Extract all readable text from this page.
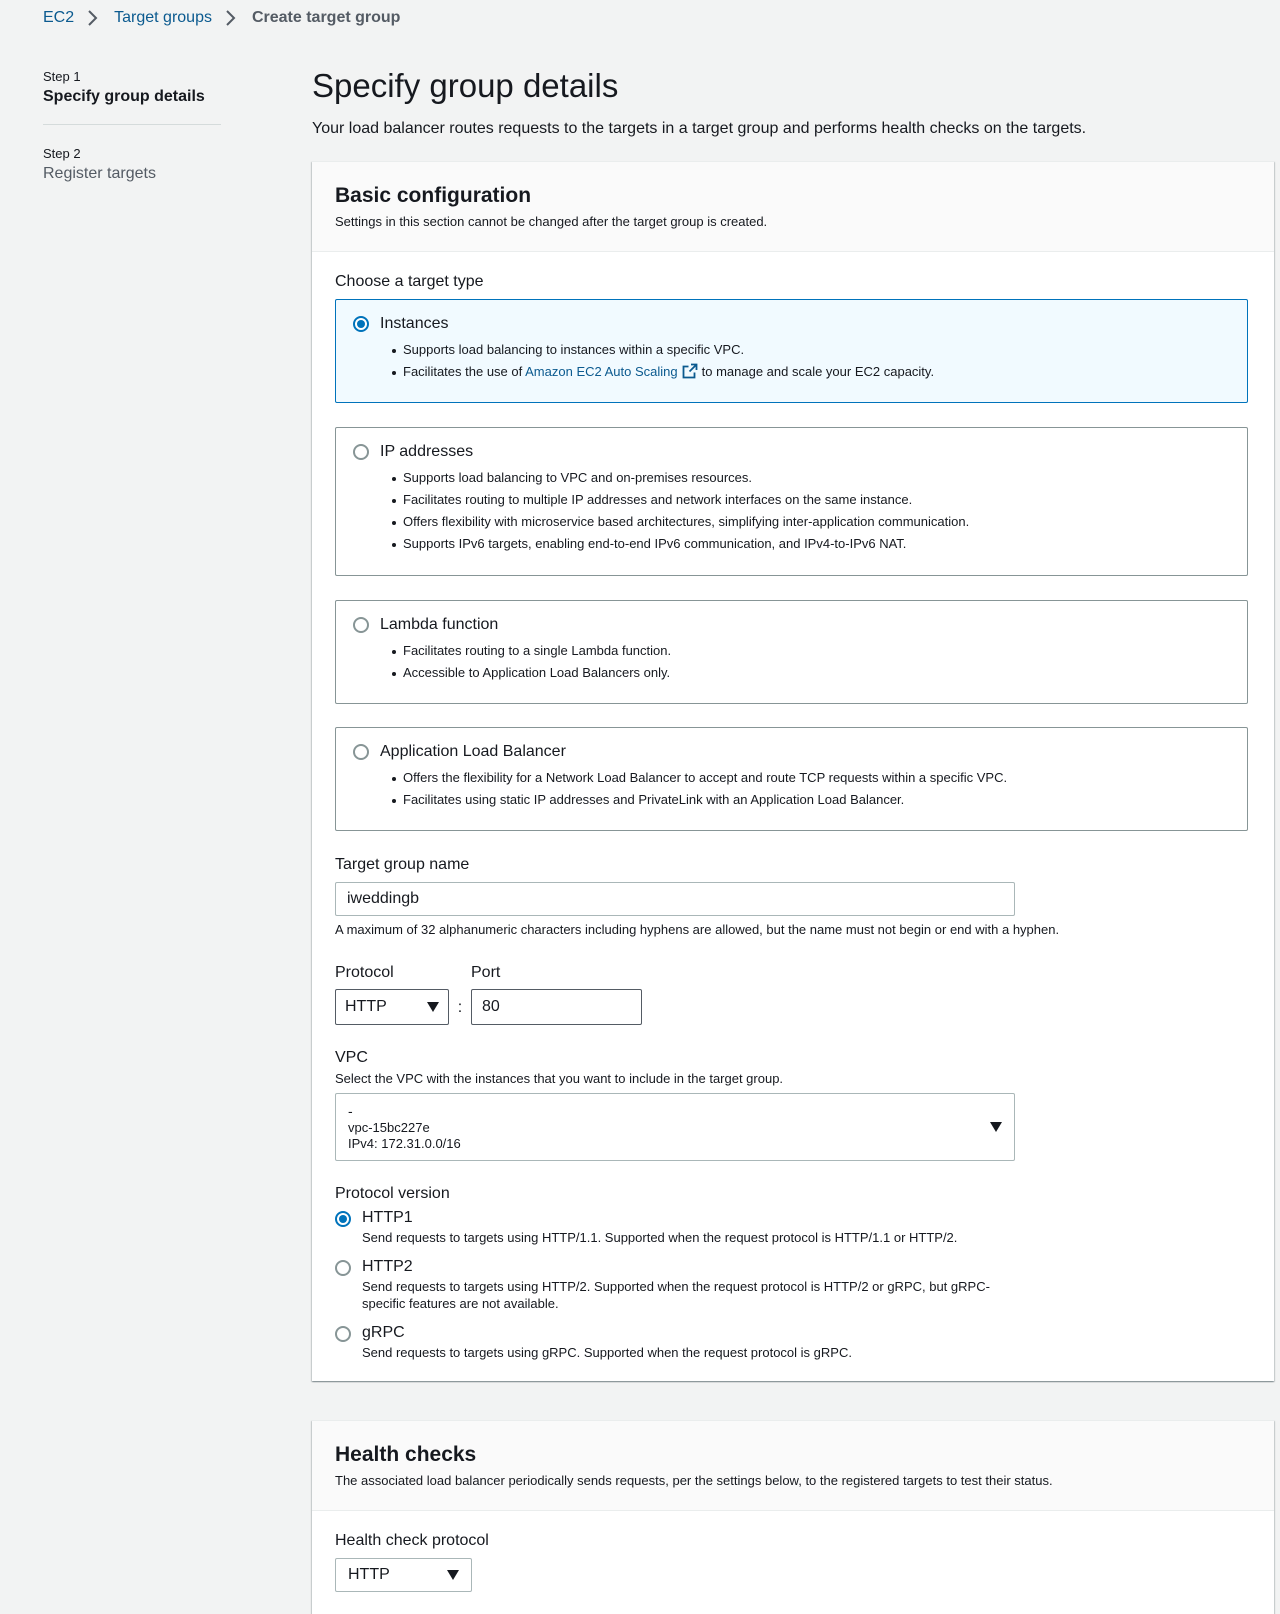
EC2	Target groups	Create target group
Step 1
Specify group details
Step 2
Register targets
Specify group details

Your load balancer routes requests to the targets in a target group and performs health checks on the targets.

Basic configuration
Settings in this section cannot be changed after the target group is created.
Choose a target type
Instances
Supports load balancing to instances within a specific VPC.
Facilitates the use of Amazon EC2 Auto Scaling to manage and scale your EC2 capacity.
IP addresses
Supports load balancing to VPC and on-premises resources.
Facilitates routing to multiple IP addresses and network interfaces on the same instance.
Offers flexibility with microservice based architectures, simplifying inter-application communication.
Supports IPv6 targets, enabling end-to-end IPv6 communication, and IPv4-to-IPv6 NAT.
Lambda function
Facilitates routing to a single Lambda function.
Accessible to Application Load Balancers only.
Application Load Balancer
Offers the flexibility for a Network Load Balancer to accept and route TCP requests within a specific VPC.
Facilitates using static IP addresses and PrivateLink with an Application Load Balancer.
Target group name
iweddingb
A maximum of 32 alphanumeric characters including hyphens are allowed, but the name must not begin or end with a hyphen.
Protocol
HTTP	:
Port
80
VPC
Select the VPC with the instances that you want to include in the target group.
-
vpc-15bc227e
IPv4: 172.31.0.0/16
Protocol version
HTTP1
Send requests to targets using HTTP/1.1. Supported when the request protocol is HTTP/1.1 or HTTP/2.
HTTP2
Send requests to targets using HTTP/2. Supported when the request protocol is HTTP/2 or gRPC, but gRPC-specific features are not available.
gRPC
Send requests to targets using gRPC. Supported when the request protocol is gRPC.
Health checks
The associated load balancer periodically sends requests, per the settings below, to the registered targets to test their status.
Health check protocol
HTTP
